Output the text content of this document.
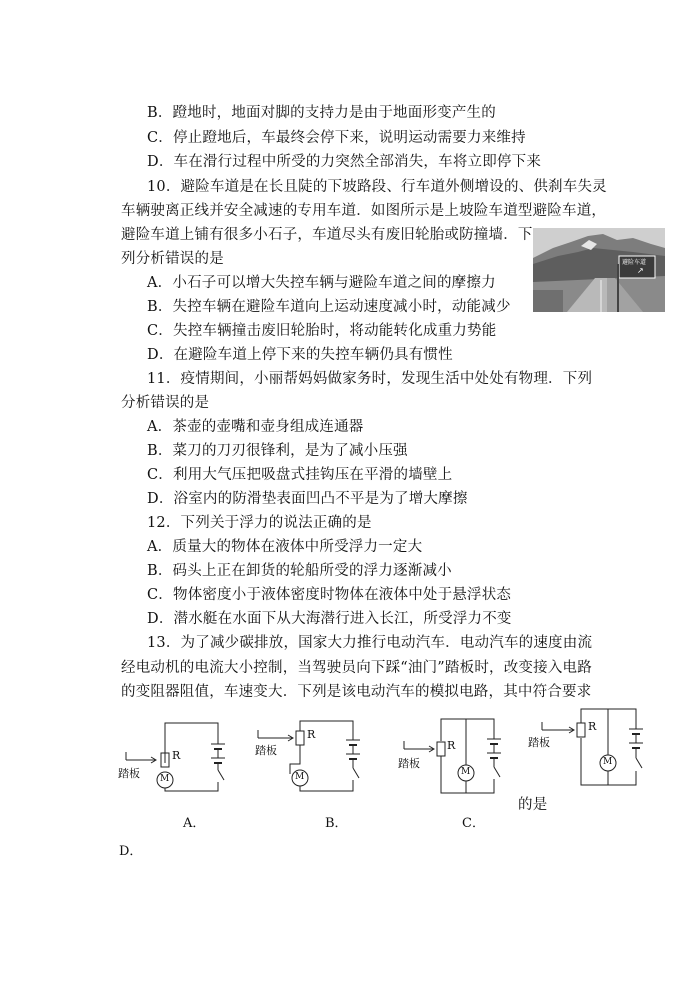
B．蹬地时，地面对脚的支持力是由于地面形变产生的
C．停止蹬地后，车最终会停下来，说明运动需要力来维持
D．车在滑行过程中所受的力突然全部消失，车将立即停下来
10．避险车道是在长且陡的下坡路段、行车道外侧增设的、供刹车失灵
车辆驶离正线并安全减速的专用车道．如图所示是上坡险车道型避险车道，
避险车道上铺有很多小石子，车道尽头有废旧轮胎或防撞墙．下
列分析错误的是
A．小石子可以增大失控车辆与避险车道之间的摩擦力
B．失控车辆在避险车道向上运动速度减小时，动能减少
C．失控车辆撞击废旧轮胎时，将动能转化成重力势能
D．在避险车道上停下来的失控车辆仍具有惯性
避险车道
↗
11．疫情期间，小丽帮妈妈做家务时，发现生活中处处有物理．下列
分析错误的是
A．茶壶的壶嘴和壶身组成连通器
B．菜刀的刀刃很锋利，是为了减小压强
C．利用大气压把吸盘式挂钩压在平滑的墙壁上
D．浴室内的防滑垫表面凹凸不平是为了增大摩擦
12．下列关于浮力的说法正确的是
A．质量大的物体在液体中所受浮力一定大
B．码头上正在卸货的轮船所受的浮力逐渐减小
C．物体密度小于液体密度时物体在液体中处于悬浮状态
D．潜水艇在水面下从大海潜行进入长江，所受浮力不变
13．为了减少碳排放，国家大力推行电动汽车．电动汽车的速度由流
经电动机的电流大小控制，当驾驶员向下踩“油门”踏板时，改变接入电路
的变阻器阻值，车速变大．下列是该电动汽车的模拟电路，其中符合要求
R
踏板 M
R
踏板
M
R
踏板
M
R
踏板
M
A．	B．	C．
的是
D．
